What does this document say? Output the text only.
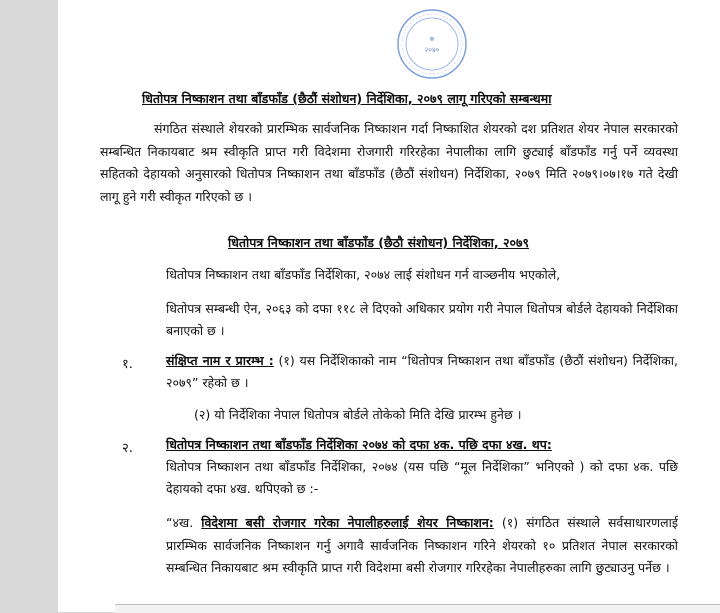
☸
२०४०
धितोपत्र निष्काशन तथा बाँडफाँड (छैठौं संशोधन) निर्देशिका, २०७९ लागू गरिएको सम्बन्धमा
संगठित संस्थाले शेयरको प्रारम्भिक सार्वजनिक निष्काशन गर्दा निष्काशित शेयरको दश प्रतिशत शेयर नेपाल सरकारको सम्बन्धित निकायबाट श्रम स्वीकृति प्राप्त गरी विदेशमा रोजगारी गरिरहेका नेपालीका लागि छुट्याई बाँडफाँड गर्नु पर्ने व्यवस्था सहितको देहायको अनुसारको धितोपत्र निष्काशन तथा बाँडफाँड (छैठौं संशोधन) निर्देशिका, २०७९ मिति २०७९।०७।१७ गते देखी लागू हुने गरी स्वीकृत गरिएको छ ।
धितोपत्र निष्काशन तथा बाँडफाँड (छैठौ संशोधन) निर्देशिका, २०७९
धितोपत्र निष्काशन तथा बाँडफाँड निर्देशिका, २०७४ लाई संशोधन गर्न वाञ्छनीय भएकोले,
धितोपत्र सम्बन्धी ऐन, २०६३ को दफा ११८ ले दिएको अधिकार प्रयोग गरी नेपाल धितोपत्र बोर्डले देहायको निर्देशिका बनाएको छ ।
१.	संक्षिप्त नाम र प्रारम्भ : (१) यस निर्देशिकाको नाम “धितोपत्र निष्काशन तथा बाँडफाँड (छैठौं संशोधन) निर्देशिका, २०७९” रहेको छ ।
(२) यो निर्देशिका नेपाल धितोपत्र बोर्डले तोकेको मिति देखि प्रारम्भ हुनेछ ।
२.	धितोपत्र निष्काशन तथा बाँडफाँड निर्देशिका २०७४ को दफा ४क. पछि दफा ४ख. थप:
धितोपत्र निष्काशन तथा बाँडफाँड निर्देशिका, २०७४ (यस पछि “मूल निर्देशिका” भनिएको ) को दफा ४क. पछि देहायको दफा ४ख. थपिएको छ :-
“४ख. विदेशमा बसी रोजगार गरेका नेपालीहरुलाई शेयर निष्काशन: (१) संगठित संस्थाले सर्वसाधारणलाई प्रारम्भिक सार्वजनिक निष्काशन गर्नु अगावै सार्वजनिक निष्काशन गरिने शेयरको १० प्रतिशत नेपाल सरकारको सम्बन्धित निकायबाट श्रम स्वीकृति प्राप्त गरी विदेशमा बसी रोजगार गरिरहेका नेपालीहरुका लागि छुट्याउनु पर्नेछ ।
